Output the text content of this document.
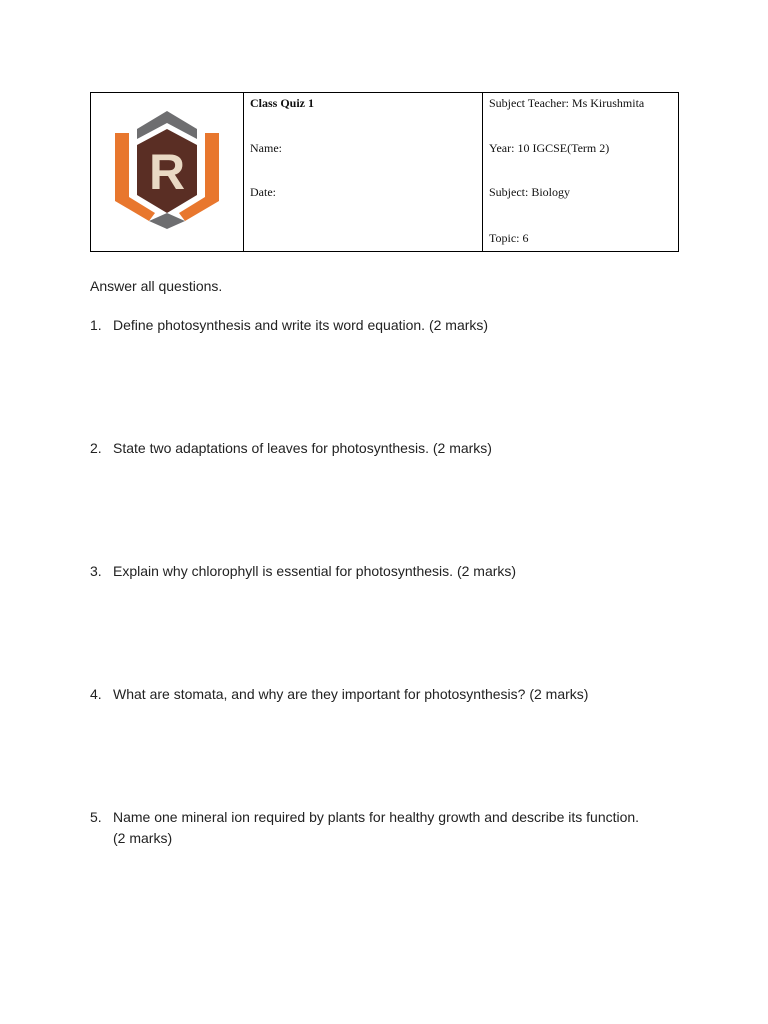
R

Class Quiz 1
Name:
Date:

Subject Teacher: Ms Kirushmita
Year: 10 IGCSE(Term 2)
Subject: Biology
Topic: 6
Answer all questions.
1. Define photosynthesis and write its word equation. (2 marks)
2. State two adaptations of leaves for photosynthesis. (2 marks)
3. Explain why chlorophyll is essential for photosynthesis. (2 marks)
4. What are stomata, and why are they important for photosynthesis? (2 marks)
5. Name one mineral ion required by plants for healthy growth and describe its function. (2 marks)
